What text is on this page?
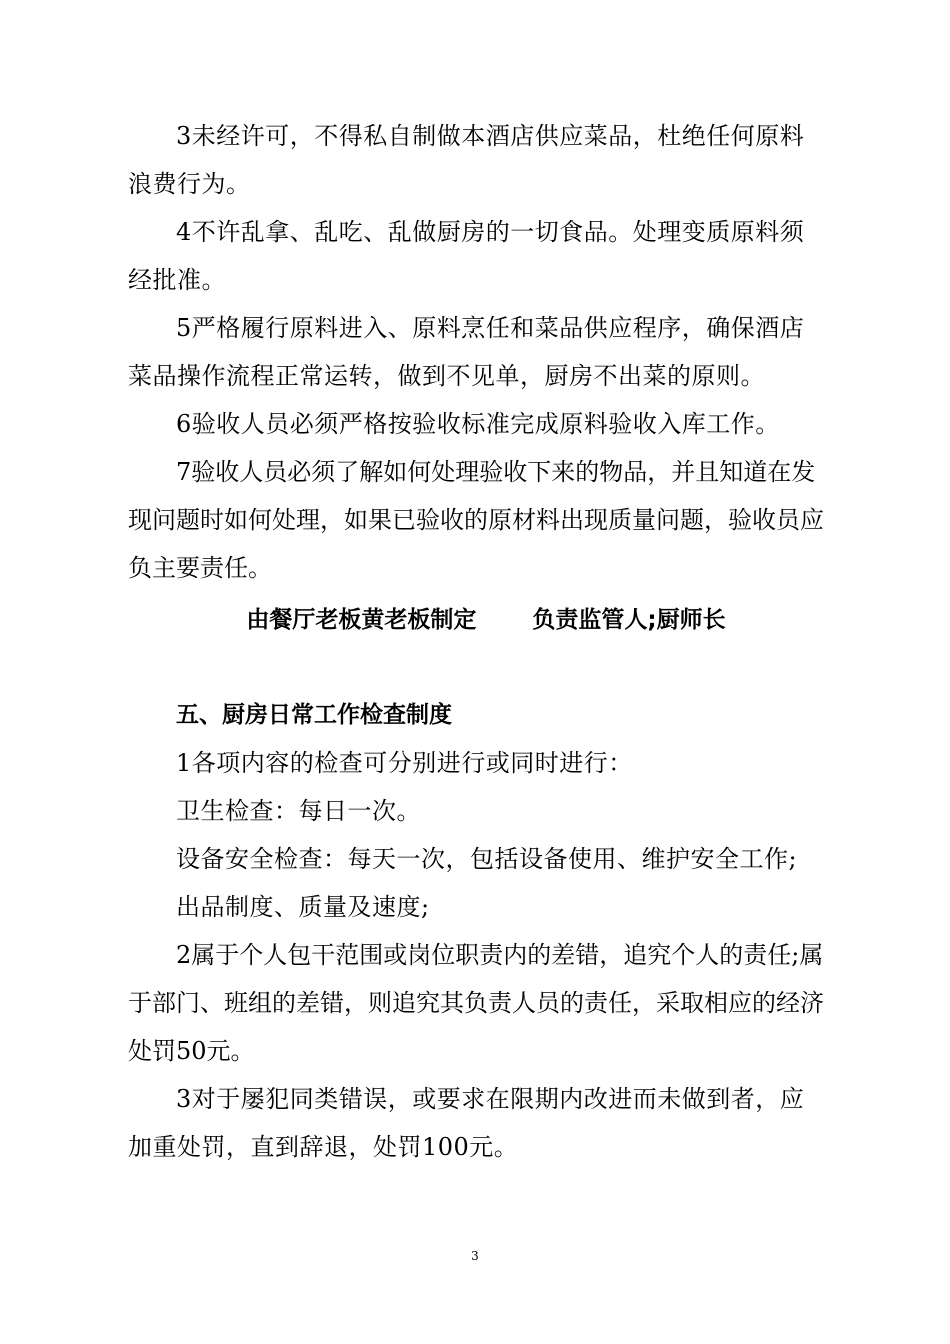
3未经许可，不得私自制做本酒店供应菜品，杜绝任何原料浪费行为。

4不许乱拿、乱吃、乱做厨房的一切食品。处理变质原料须经批准。

5严格履行原料进入、原料烹任和菜品供应程序，确保酒店菜品操作流程正常运转，做到不见单，厨房不出菜的原则。

6验收人员必须严格按验收标准完成原料验收入库工作。

7验收人员必须了解如何处理验收下来的物品，并且知道在发现问题时如何处理，如果已验收的原材料出现质量问题，验收员应负主要责任。

由餐厅老板黄老板制定 负责监管人;厨师长
五、厨房日常工作检查制度

1各项内容的检查可分别进行或同时进行：

卫生检查：每日一次。

设备安全检查：每天一次，包括设备使用、维护安全工作;

出品制度、质量及速度;

2属于个人包干范围或岗位职责内的差错，追究个人的责任;属于部门、班组的差错，则追究其负责人员的责任，采取相应的经济处罚50元。

3对于屡犯同类错误，或要求在限期内改进而未做到者，应加重处罚，直到辞退，处罚100元。

3
